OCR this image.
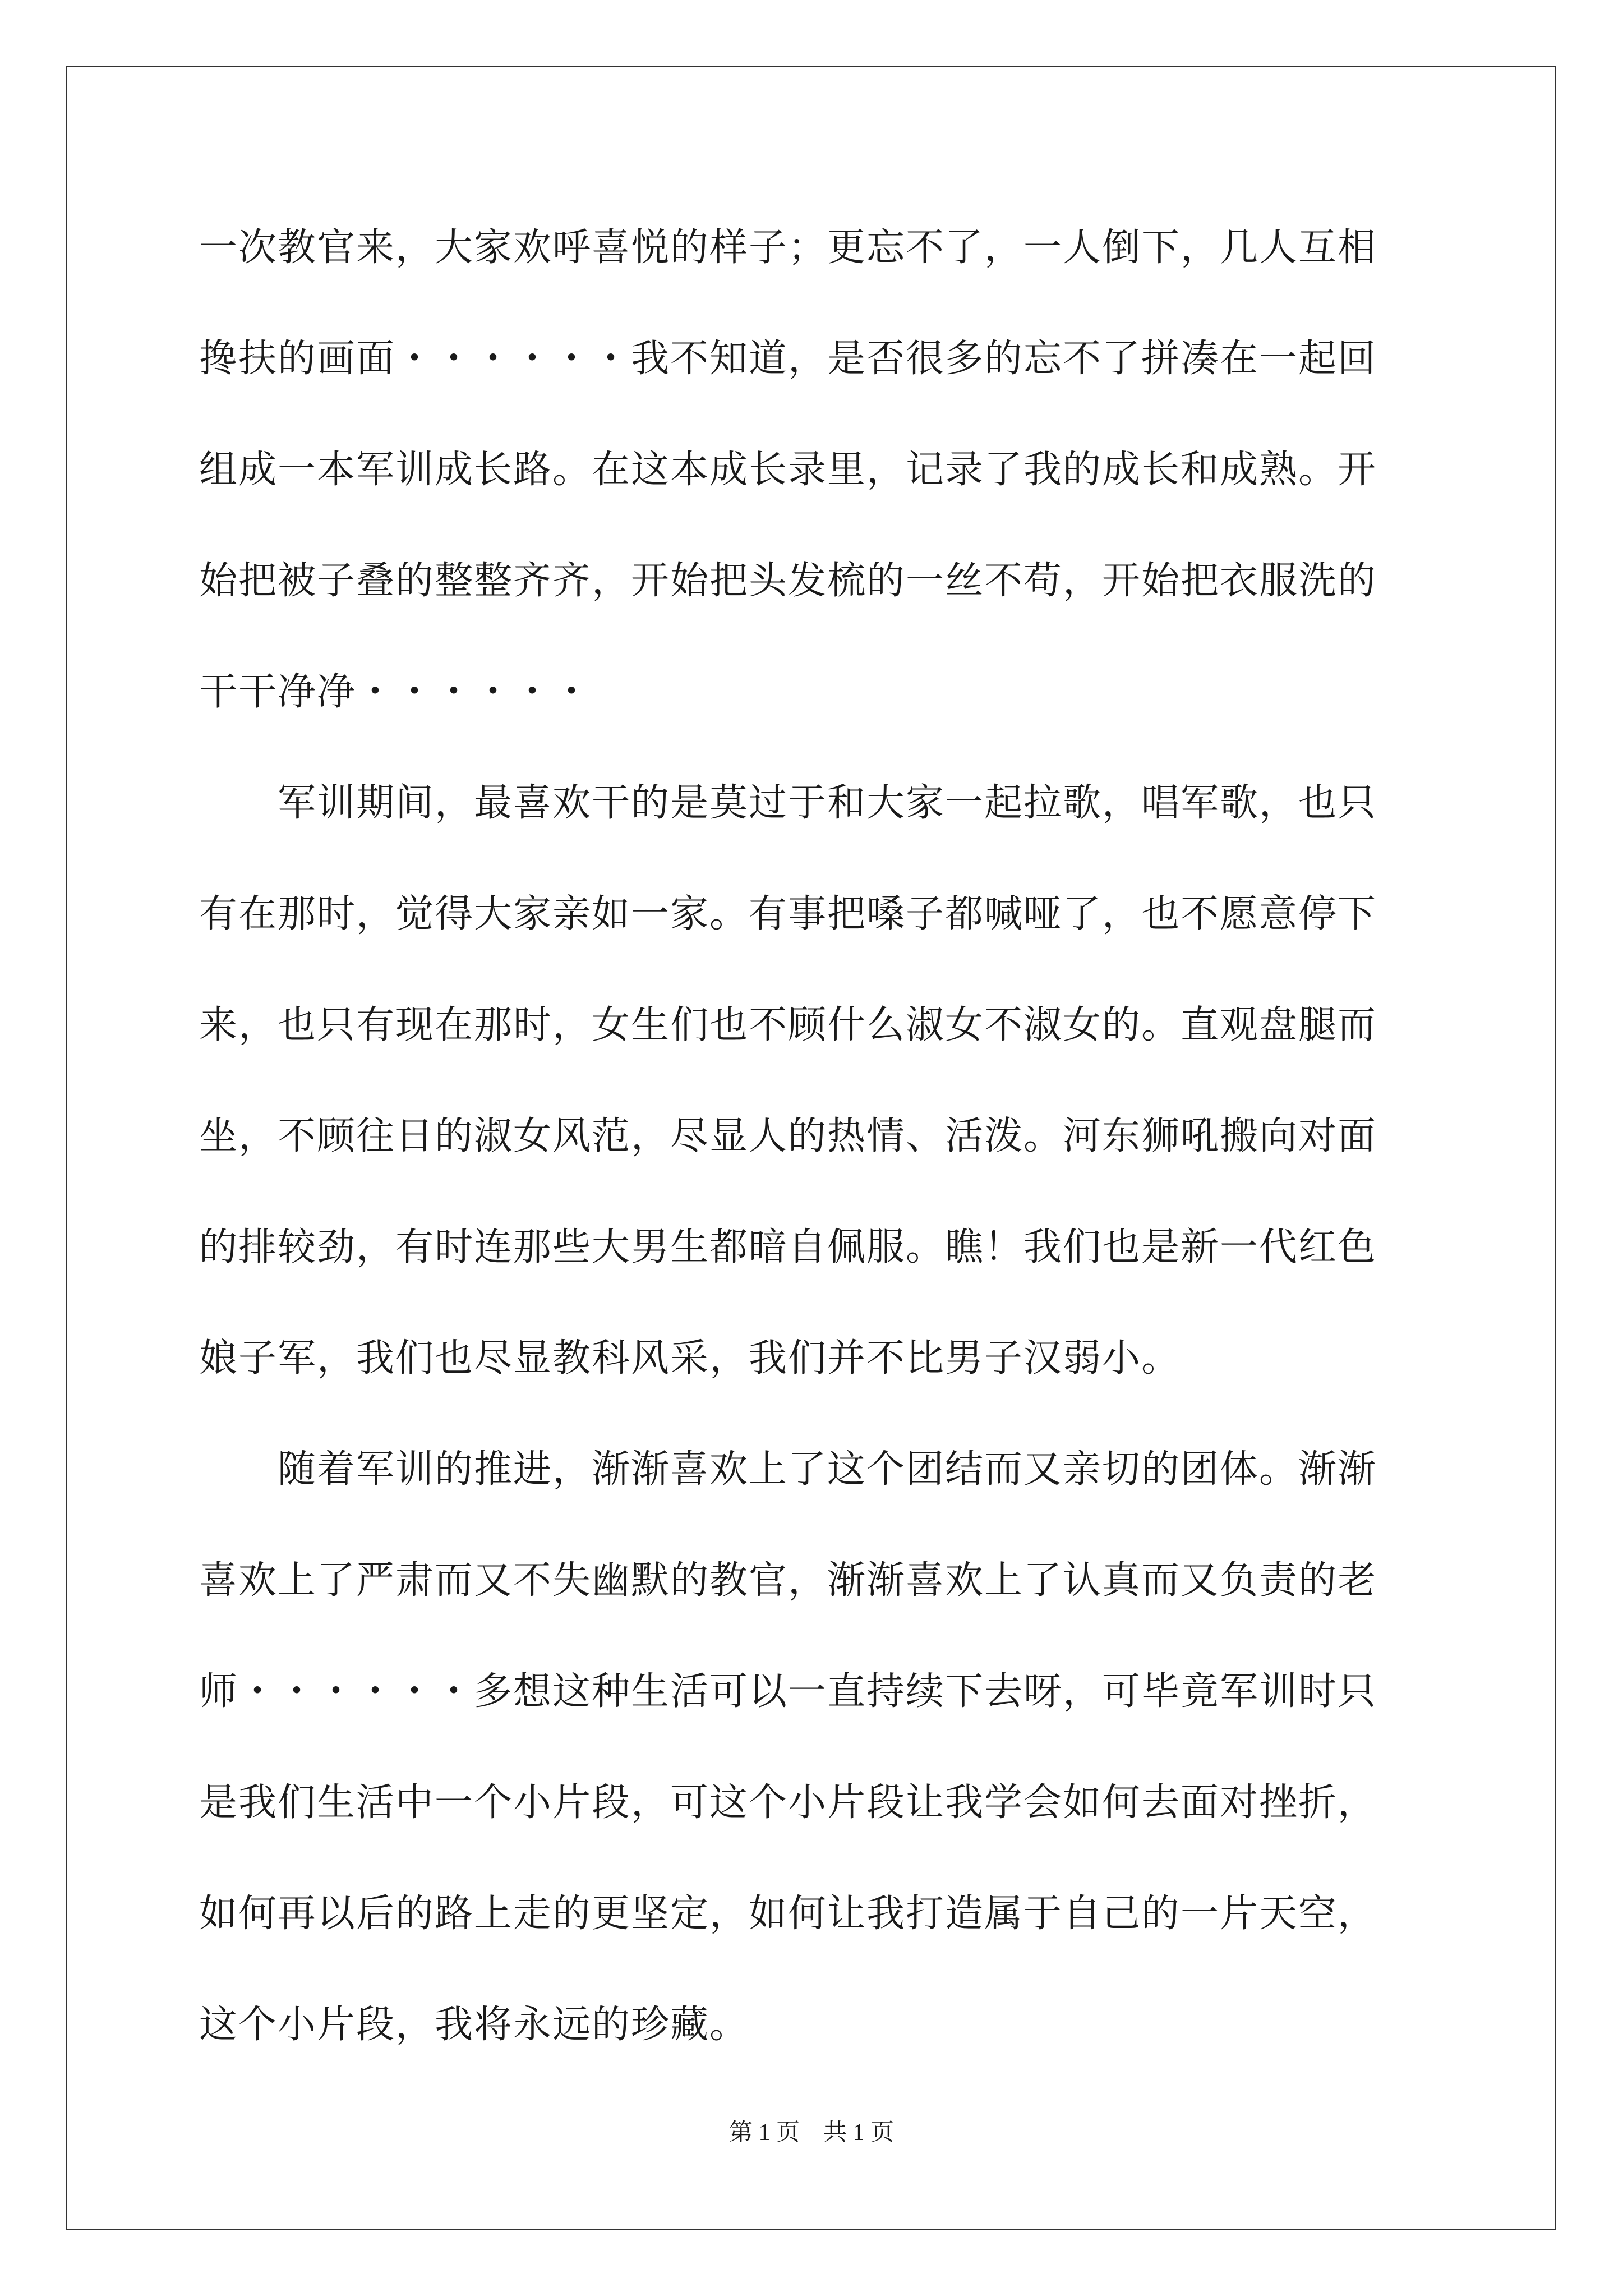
一次教官来，大家欢呼喜悦的样子；更忘不了，一人倒下，几人互相
搀扶的画面・・・・・・我不知道，是否很多的忘不了拼凑在一起回
组成一本军训成长路。在这本成长录里，记录了我的成长和成熟。开
始把被子叠的整整齐齐，开始把头发梳的一丝不苟，开始把衣服洗的
干干净净・・・・・・
　　军训期间，最喜欢干的是莫过于和大家一起拉歌，唱军歌，也只
有在那时，觉得大家亲如一家。有事把嗓子都喊哑了，也不愿意停下
来，也只有现在那时，女生们也不顾什么淑女不淑女的。直观盘腿而
坐，不顾往日的淑女风范，尽显人的热情、活泼。河东狮吼搬向对面
的排较劲，有时连那些大男生都暗自佩服。瞧！我们也是新一代红色
娘子军，我们也尽显教科风采，我们并不比男子汉弱小。
　　随着军训的推进，渐渐喜欢上了这个团结而又亲切的团体。渐渐
喜欢上了严肃而又不失幽默的教官，渐渐喜欢上了认真而又负责的老
师・・・・・・多想这种生活可以一直持续下去呀，可毕竟军训时只
是我们生活中一个小片段，可这个小片段让我学会如何去面对挫折，
如何再以后的路上走的更坚定，如何让我打造属于自己的一片天空，
这个小片段，我将永远的珍藏。
第 1 页　共 1 页
